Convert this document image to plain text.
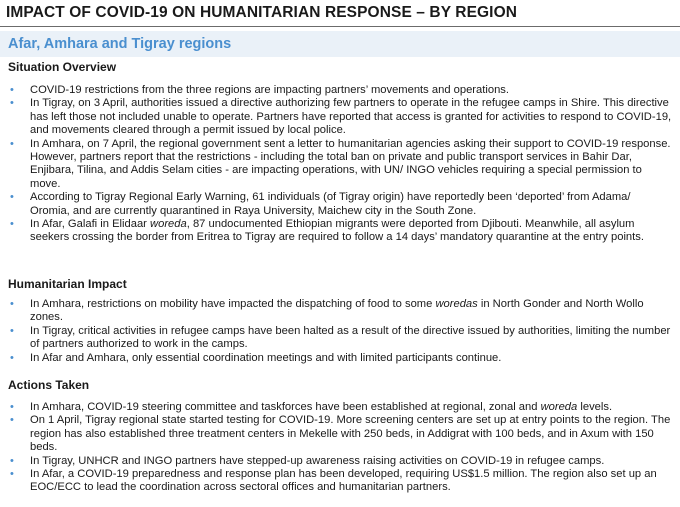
IMPACT OF COVID-19 ON HUMANITARIAN RESPONSE – BY REGION
Afar, Amhara and Tigray regions
Situation Overview
• COVID-19 restrictions from the three regions are impacting partners’ movements and operations.
• In Tigray, on 3 April, authorities issued a directive authorizing few partners to operate in the refugee camps in Shire. This directive has left those not included unable to operate. Partners have reported that access is granted for activities to respond to COVID-19, and movements cleared through a permit issued by local police.
• In Amhara, on 7 April, the regional government sent a letter to humanitarian agencies asking their support to COVID-19 response. However, partners report that the restrictions - including the total ban on private and public transport services in Bahir Dar, Enjibara, Tilina, and Addis Selam cities - are impacting operations, with UN/ INGO vehicles requiring a special permission to move.
• According to Tigray Regional Early Warning, 61 individuals (of Tigray origin) have reportedly been ‘deported’ from Adama/ Oromia, and are currently quarantined in Raya University, Maichew city in the South Zone.
• In Afar, Galafi in Elidaar woreda, 87 undocumented Ethiopian migrants were deported from Djibouti. Meanwhile, all asylum seekers crossing the border from Eritrea to Tigray are required to follow a 14 days’ mandatory quarantine at the entry points.
Humanitarian Impact
• In Amhara, restrictions on mobility have impacted the dispatching of food to some woredas in North Gonder and North Wollo zones.
• In Tigray, critical activities in refugee camps have been halted as a result of the directive issued by authorities, limiting the number of partners authorized to work in the camps.
• In Afar and Amhara, only essential coordination meetings and with limited participants continue.
Actions Taken
• In Amhara, COVID-19 steering committee and taskforces have been established at regional, zonal and woreda levels.
• On 1 April, Tigray regional state started testing for COVID-19. More screening centers are set up at entry points to the region. The region has also established three treatment centers in Mekelle with 250 beds, in Addigrat with 100 beds, and in Axum with 150 beds.
• In Tigray, UNHCR and INGO partners have stepped-up awareness raising activities on COVID-19 in refugee camps.
• In Afar, a COVID-19 preparedness and response plan has been developed, requiring US$1.5 million. The region also set up an EOC/ECC to lead the coordination across sectoral offices and humanitarian partners.
